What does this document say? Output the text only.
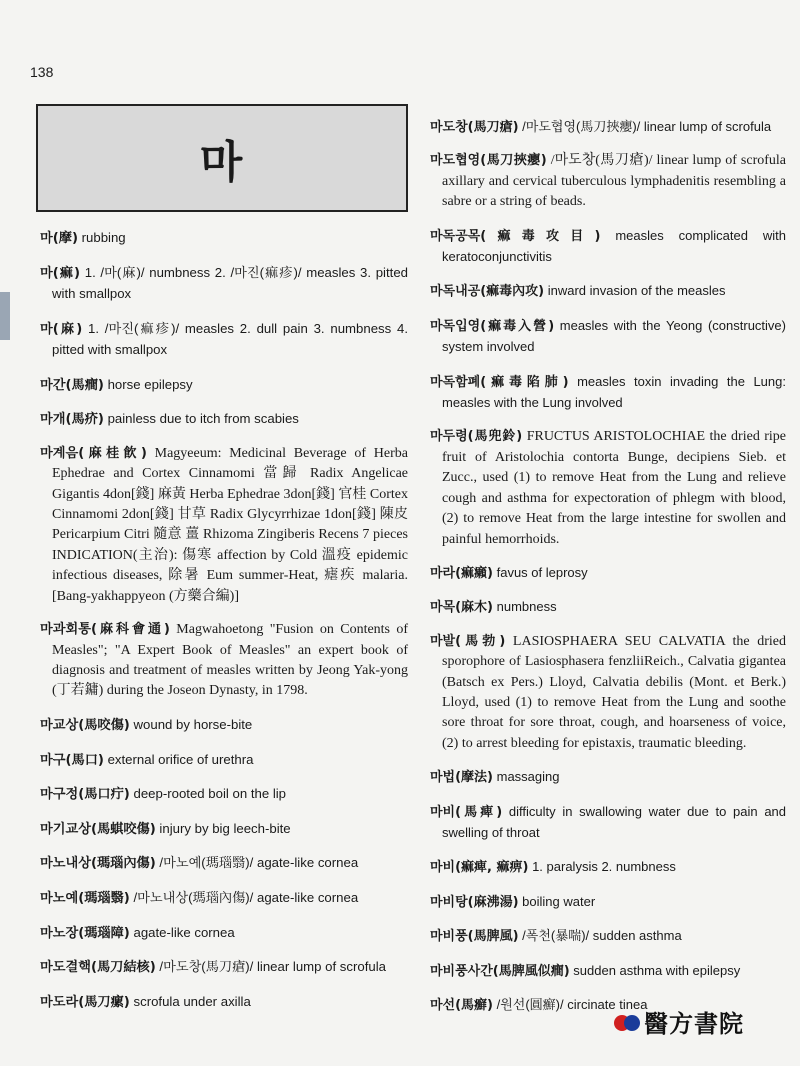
138
마

마(摩) rubbing

마(痲) 1. /마(麻)/ numbness 2. /마진(痲疹)/ measles 3. pitted with smallpox

마(麻) 1. /마진(痲疹)/ measles 2. dull pain 3. numbness 4. pitted with smallpox

마간(馬癎) horse epilepsy

마개(馬疥) painless due to itch from scabies

마계음(麻桂飮) Magyeeum: Medicinal Beverage of Herba Ephedrae and Cortex Cinnamomi 當歸 Radix Angelicae Gigantis 4don[錢] 麻黃 Herba Ephedrae 3don[錢] 官桂 Cortex Cinnamomi 2don[錢] 甘草 Radix Glycyrrhizae 1don[錢] 陳皮 Pericarpium Citri 隨意 薑 Rhizoma Zingiberis Recens 7 pieces INDICATION(主治): 傷寒 affection by Cold 溫疫 epidemic infectious diseases, 除暑 Eum summer-Heat, 瘧疾 malaria. [Bang-yakhappyeon (方藥合編)]

마과회통(麻科會通) Magwahoetong "Fusion on Contents of Measles"; "A Expert Book of Measles" an expert book of diagnosis and treatment of measles written by Jeong Yak-yong (丁若鏞) during the Joseon Dynasty, in 1798.

마교상(馬咬傷) wound by horse-bite

마구(馬口) external orifice of urethra

마구정(馬口疔) deep-rooted boil on the lip

마기교상(馬蜞咬傷) injury by big leech-bite

마노내상(瑪瑙內傷) /마노예(瑪瑙翳)/ agate-like cornea

마노예(瑪瑙翳) /마노내상(瑪瑙內傷)/ agate-like cornea

마노장(瑪瑙障) agate-like cornea

마도결핵(馬刀結核) /마도창(馬刀瘡)/ linear lump of scrofula

마도라(馬刀瘰) scrofula under axilla

마도창(馬刀瘡) /마도협영(馬刀挾癭)/ linear lump of scrofula

마도협영(馬刀挾癭) /마도창(馬刀瘡)/ linear lump of scrofula axillary and cervical tuberculous lymphadenitis resembling a sabre or a string of beads.

마독공목(痲毒攻目) measles complicated with keratoconjunctivitis

마독내공(痲毒內攻) inward invasion of the measles

마독입영(痲毒入營) measles with the Yeong (constructive) system involved

마독함폐(痲毒陷肺) measles toxin invading the Lung: measles with the Lung involved

마두령(馬兜鈴) FRUCTUS ARISTOLOCHIAE the dried ripe fruit of Aristolochia contorta Bunge, decipiens Sieb. et Zucc., used (1) to remove Heat from the Lung and relieve cough and asthma for expectoration of phlegm with blood, (2) to remove Heat from the large intestine for swollen and painful hemorrhoids.

마라(痲癩) favus of leprosy

마목(麻木) numbness

마발(馬勃) LASIOSPHAERA SEU CALVATIA the dried sporophore of Lasiosphasera fenzliiReich., Calvatia gigantea (Batsch ex Pers.) Lloyd, Calvatia debilis (Mont. et Berk.) Lloyd, used (1) to remove Heat from the Lung and soothe sore throat for sore throat, cough, and hoarseness of voice, (2) to arrest bleeding for epistaxis, traumatic bleeding.

마법(摩法) massaging

마비(馬痺) difficulty in swallowing water due to pain and swelling of throat

마비(痲痺, 痲痹) 1. paralysis 2. numbness

마비탕(麻沸湯) boiling water

마비풍(馬脾風) /폭천(暴喘)/ sudden asthma

마비풍사간(馬脾風似癎) sudden asthma with epilepsy

마선(馬癬) /원선(圓癬)/ circinate tinea

醫方書院
